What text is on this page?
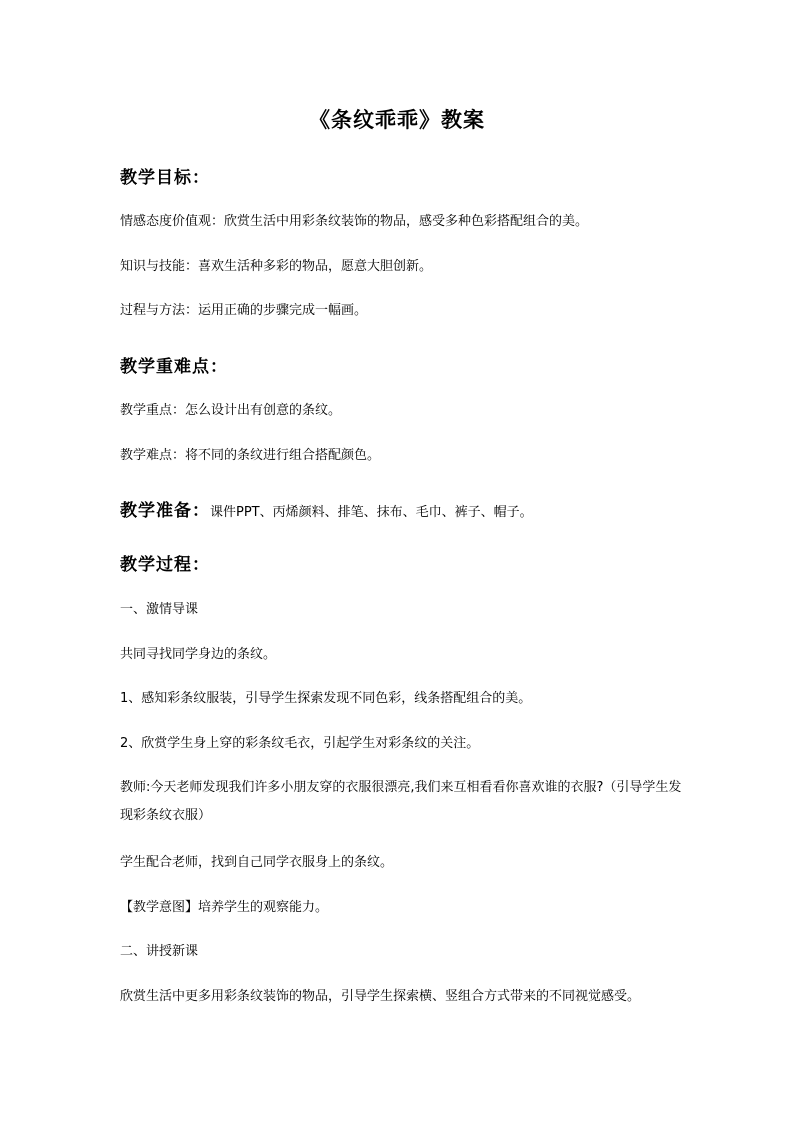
《条纹乖乖》教案
教学目标：
情感态度价值观：欣赏生活中用彩条纹装饰的物品，感受多种色彩搭配组合的美。
知识与技能：喜欢生活种多彩的物品，愿意大胆创新。
过程与方法：运用正确的步骤完成一幅画。
教学重难点：
教学重点：怎么设计出有创意的条纹。
教学难点：将不同的条纹进行组合搭配颜色。
教学准备：课件PPT、丙烯颜料、排笔、抹布、毛巾、裤子、帽子。
教学过程：
一、激情导课
共同寻找同学身边的条纹。
1、感知彩条纹服装，引导学生探索发现不同色彩，线条搭配组合的美。
2、欣赏学生身上穿的彩条纹毛衣，引起学生对彩条纹的关注。
教师:今天老师发现我们许多小朋友穿的衣服很漂亮,我们来互相看看你喜欢谁的衣服?（引导学生发现彩条纹衣服）
学生配合老师，找到自己同学衣服身上的条纹。
【教学意图】培养学生的观察能力。
二、讲授新课
欣赏生活中更多用彩条纹装饰的物品，引导学生探索横、竖组合方式带来的不同视觉感受。
